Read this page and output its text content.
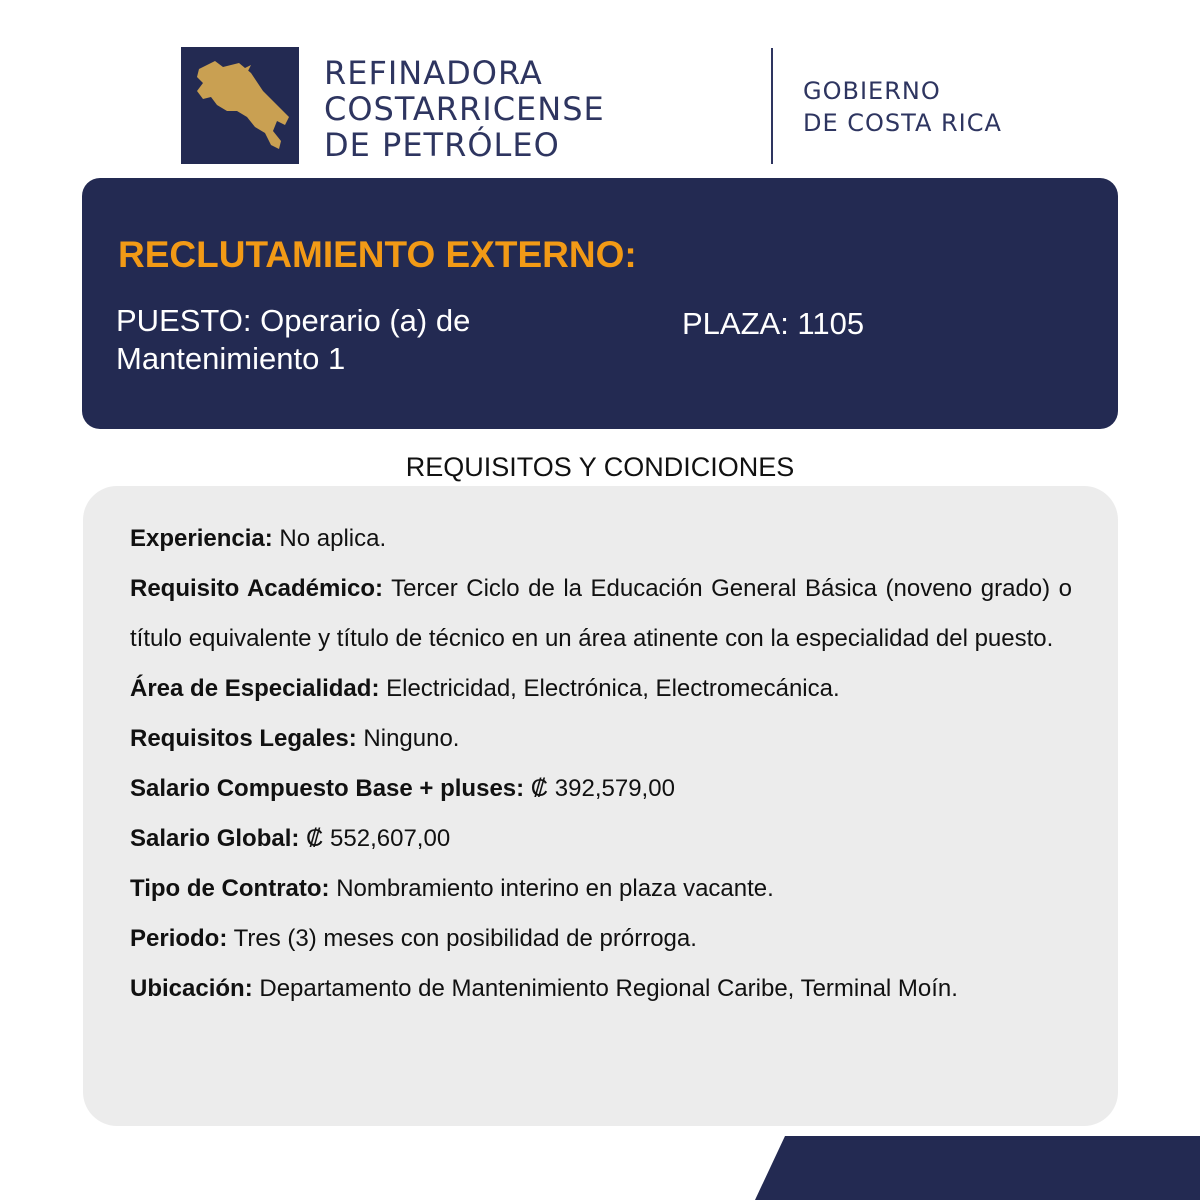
REFINADORA
COSTARRICENSE
DE PETRÓLEO
GOBIERNO
DE COSTA RICA
RECLUTAMIENTO EXTERNO:
PUESTO: Operario (a) de Mantenimiento 1
PLAZA: 1105
REQUISITOS Y CONDICIONES
Experiencia: No aplica.
Requisito Académico: Tercer Ciclo de la Educación General Básica (noveno grado) o título equivalente y título de técnico en un área atinente con la especialidad del puesto.
Área de Especialidad: Electricidad, Electrónica, Electromecánica.
Requisitos Legales: Ninguno.
Salario Compuesto Base + pluses: ₡ 392,579,00
Salario Global: ₡ 552,607,00
Tipo de Contrato: Nombramiento interino en plaza vacante.
Periodo: Tres (3) meses con posibilidad de prórroga.
Ubicación: Departamento de Mantenimiento Regional Caribe, Terminal Moín.
